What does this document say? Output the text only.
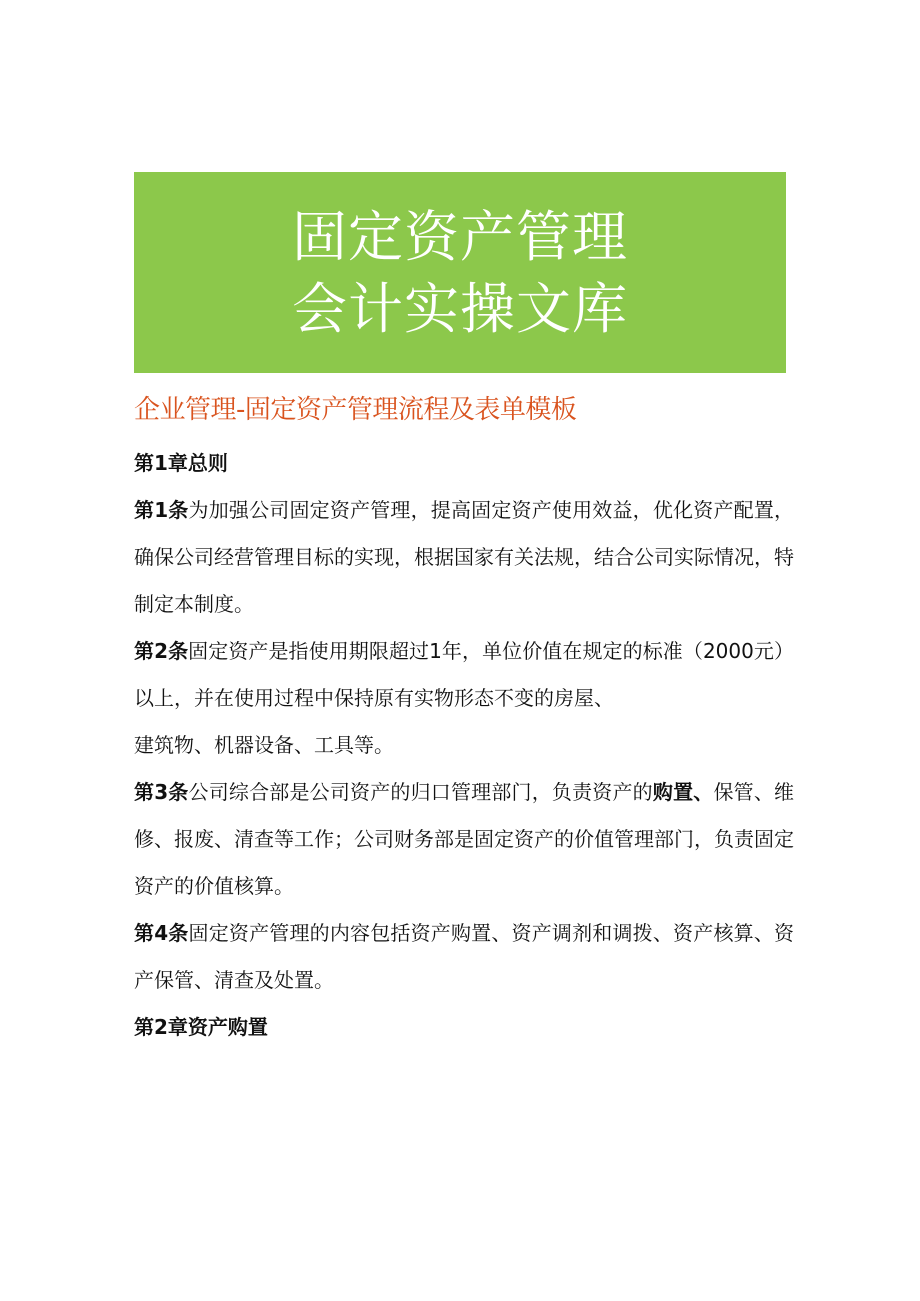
固定资产管理
会计实操文库
企业管理-固定资产管理流程及表单模板

第1章总则

第1条为加强公司固定资产管理，提高固定资产使用效益，优化资产配置，确保公司经营管理目标的实现，根据国家有关法规，结合公司实际情况，特制定本制度。

第2条固定资产是指使用期限超过1年，单位价值在规定的标准（2000元）以上，并在使用过程中保持原有实物形态不变的房屋、

建筑物、机器设备、工具等。

第3条公司综合部是公司资产的归口管理部门，负责资产的购置、保管、维修、报废、清查等工作；公司财务部是固定资产的价值管理部门，负责固定资产的价值核算。

第4条固定资产管理的内容包括资产购置、资产调剂和调拨、资产核算、资产保管、清查及处置。

第2章资产购置
